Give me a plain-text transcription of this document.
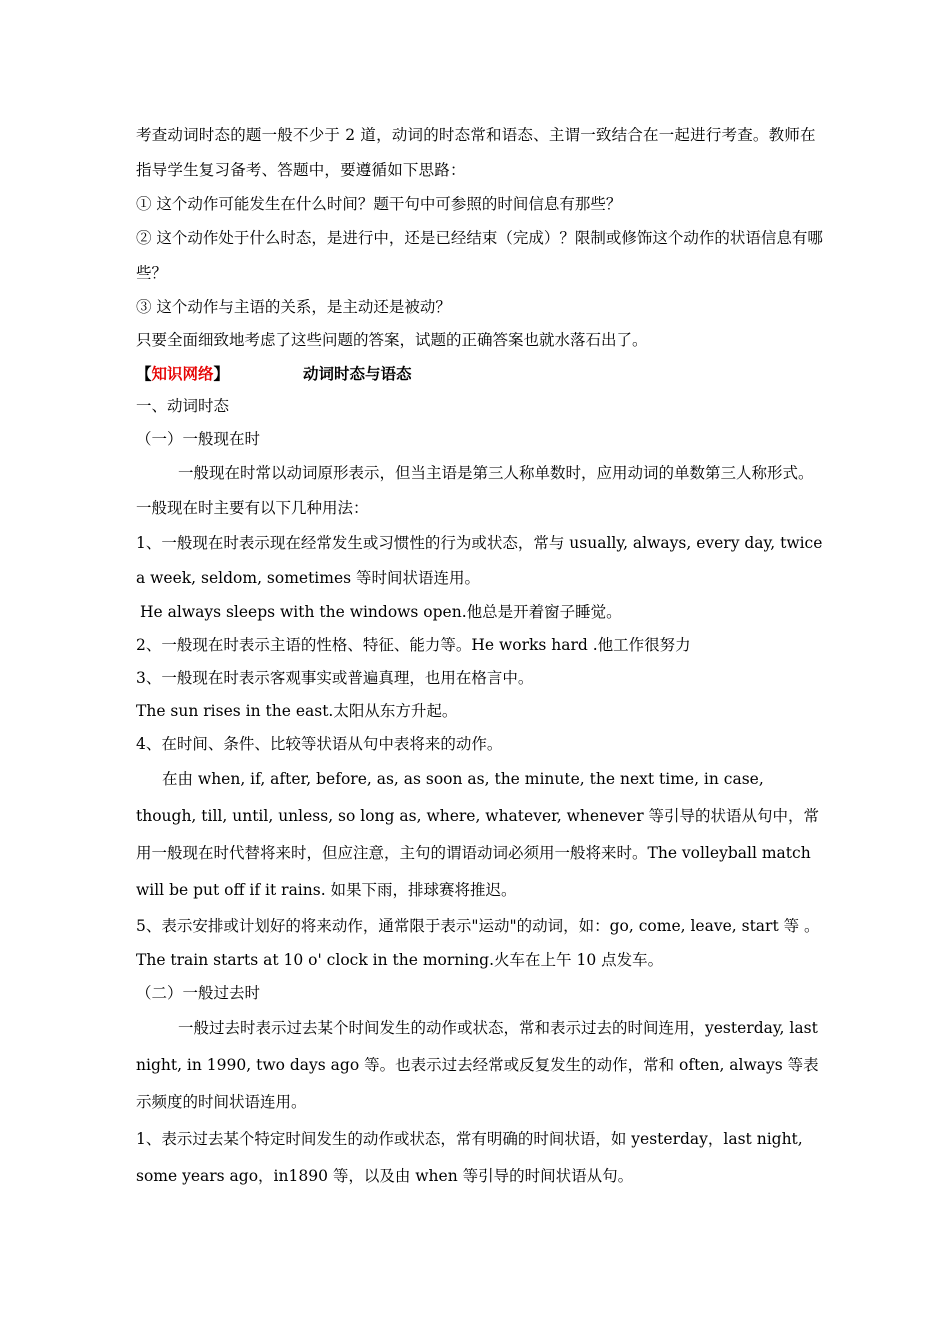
考查动词时态的题一般不少于 2 道，动词的时态常和语态、主谓一致结合在一起进行考查。教师在指导学生复习备考、答题中，要遵循如下思路：

① 这个动作可能发生在什么时间？题干句中可参照的时间信息有那些？

② 这个动作处于什么时态，是进行中，还是已经结束（完成）？限制或修饰这个动作的状语信息有哪些？

③ 这个动作与主语的关系，是主动还是被动？

只要全面细致地考虑了这些问题的答案，试题的正确答案也就水落石出了。

【知识网络】	动词时态与语态

一、动词时态

（一）一般现在时

一般现在时常以动词原形表示，但当主语是第三人称单数时，应用动词的单数第三人称形式。一般现在时主要有以下几种用法：

1、一般现在时表示现在经常发生或习惯性的行为或状态，常与 usually, always, every day, twice a week, seldom, sometimes 等时间状语连用。

He always sleeps with the windows open.他总是开着窗子睡觉。

2、一般现在时表示主语的性格、特征、能力等。He works hard .他工作很努力

3、一般现在时表示客观事实或普遍真理，也用在格言中。

The sun rises in the east.太阳从东方升起。

4、在时间、条件、比较等状语从句中表将来的动作。

在由 when, if, after, before, as, as soon as, the minute, the next time, in case, though, till, until, unless, so long as, where, whatever, whenever 等引导的状语从句中，常用一般现在时代替将来时，但应注意，主句的谓语动词必须用一般将来时。The volleyball match will be put off if it rains. 如果下雨，排球赛将推迟。

5、表示安排或计划好的将来动作，通常限于表示"运动"的动词，如：go, come, leave, start 等 。

The train starts at 10 o' clock in the morning.火车在上午 10 点发车。

（二）一般过去时

一般过去时表示过去某个时间发生的动作或状态，常和表示过去的时间连用，yesterday, last night, in 1990, two days ago 等。也表示过去经常或反复发生的动作，常和 often, always 等表示频度的时间状语连用。

1、表示过去某个特定时间发生的动作或状态，常有明确的时间状语，如 yesterday，last night, some years ago，in1890 等，以及由 when 等引导的时间状语从句。
